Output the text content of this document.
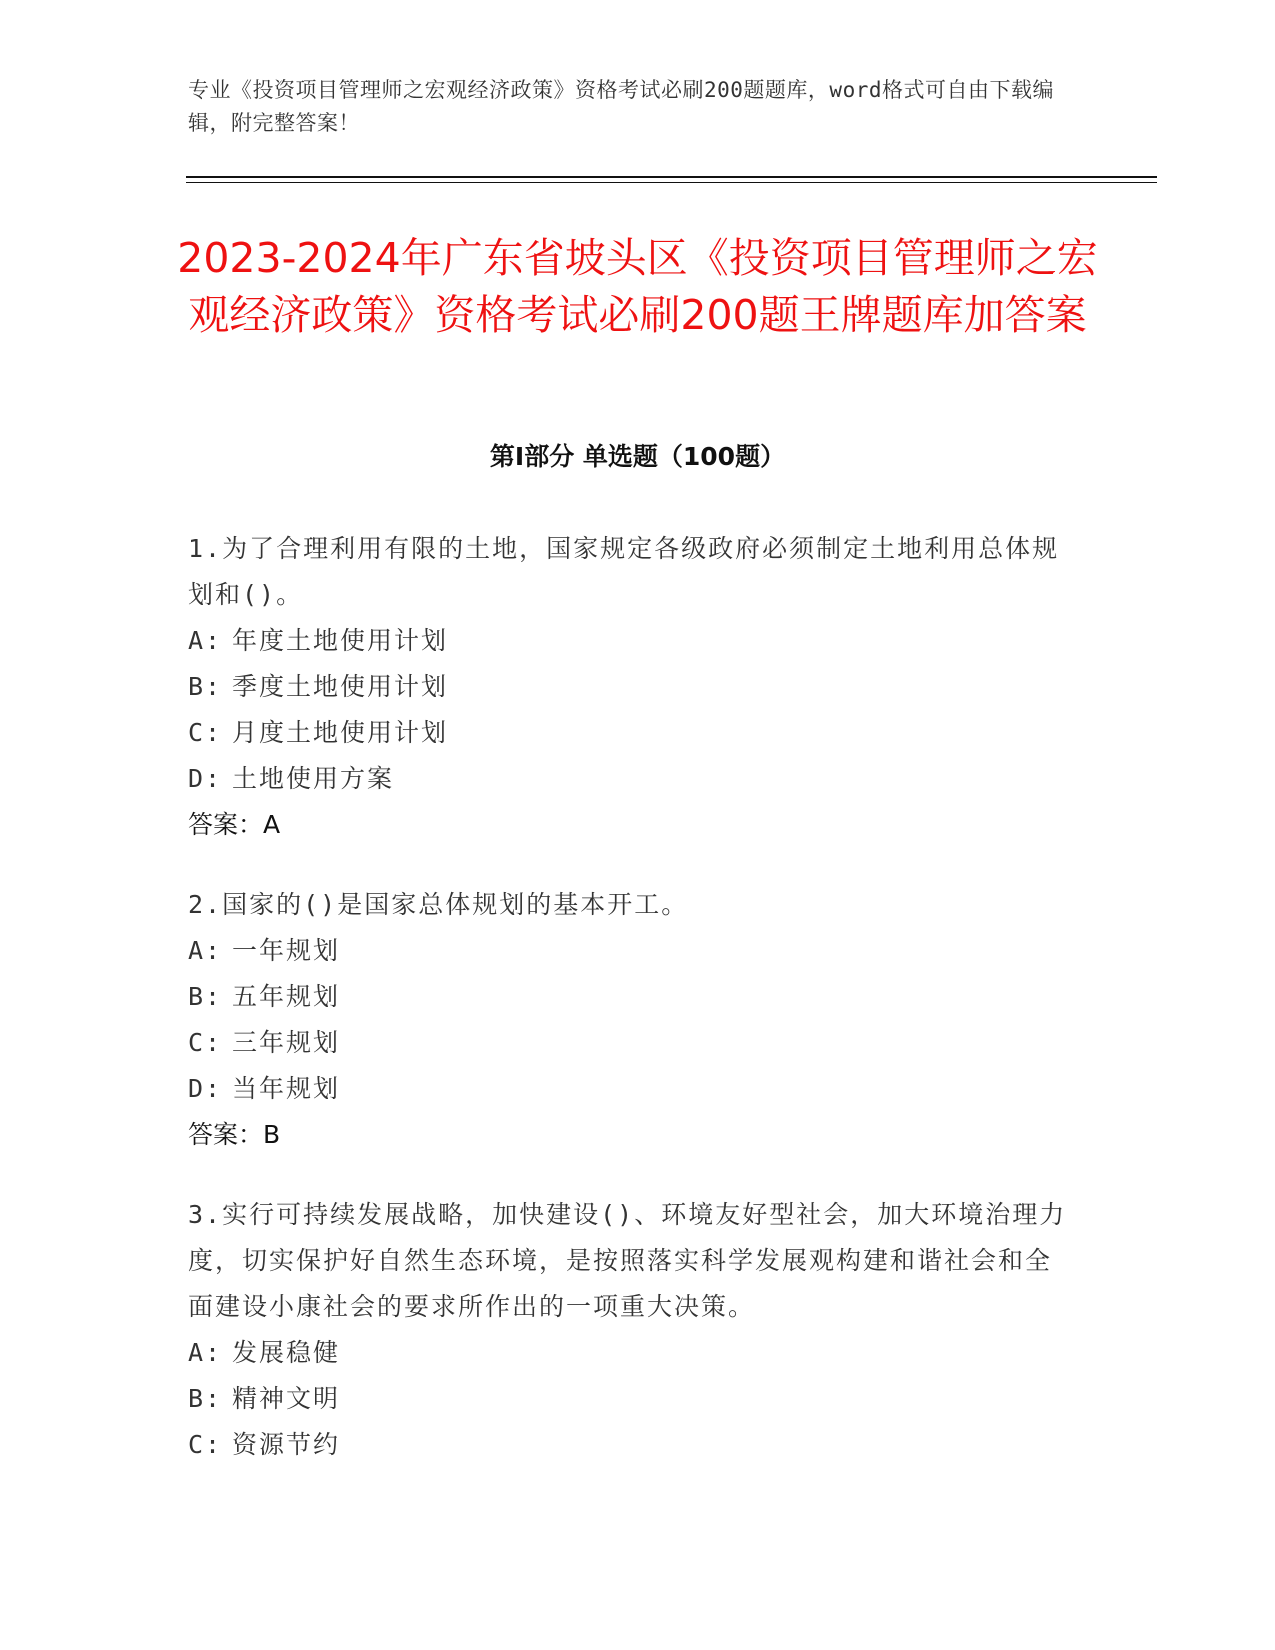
专业《投资项目管理师之宏观经济政策》资格考试必刷200题题库，word格式可自由下载编辑，附完整答案！
2023-2024年广东省坡头区《投资项目管理师之宏观经济政策》资格考试必刷200题王牌题库加答案
第Ⅰ部分 单选题（100题）
1.为了合理利用有限的土地，国家规定各级政府必须制定土地利用总体规划和()。
A: 年度土地使用计划
B: 季度土地使用计划
C: 月度土地使用计划
D: 土地使用方案
答案：A
2.国家的()是国家总体规划的基本开工。
A: 一年规划
B: 五年规划
C: 三年规划
D: 当年规划
答案：B
3.实行可持续发展战略，加快建设()、环境友好型社会，加大环境治理力度，切实保护好自然生态环境，是按照落实科学发展观构建和谐社会和全面建设小康社会的要求所作出的一项重大决策。
A: 发展稳健
B: 精神文明
C: 资源节约
